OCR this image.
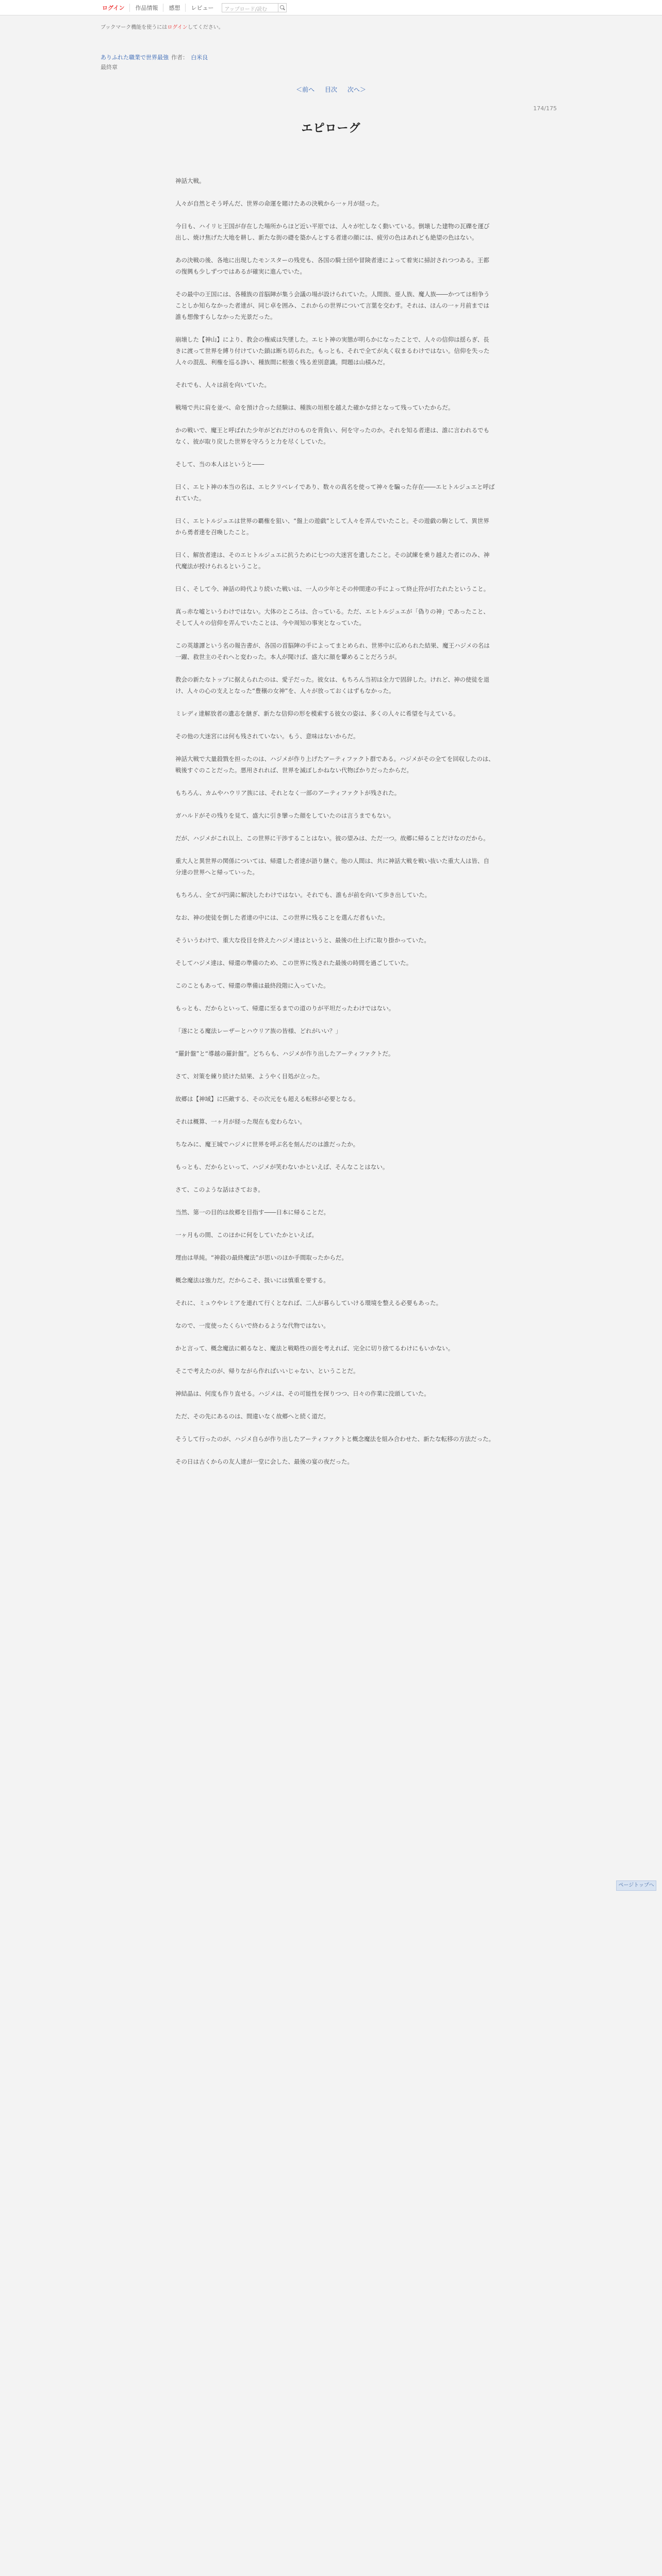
ログイン	作品情報	感想	レビュー	アップロード/読む
ブックマーク機能を使うにはログインしてください。
ありふれた職業で世界最強 作者： 白米良
最終章
＜前へ 目次 次へ＞
174/175
エピローグ

神話大戦。

人々が自然とそう呼んだ、世界の命運を賭けたあの決戦から一ヶ月が経った。

今日も、ハイリヒ王国が存在した場所からほど近い平原では、人々が忙しなく動いている。倒壊した建物の瓦礫を運び出し、焼け焦げた大地を耕し、新たな街の礎を築かんとする者達の顔には、疲労の色はあれども絶望の色はない。

あの決戦の後、各地に出現したモンスターの残党も、各国の騎士団や冒険者達によって着実に掃討されつつある。王都の復興も少しずつではあるが確実に進んでいた。

その最中の王国には、各種族の首脳陣が集う会議の場が設けられていた。人間族、亜人族、魔人族――かつては相争うことしか知らなかった者達が、同じ卓を囲み、これからの世界について言葉を交わす。それは、ほんの一ヶ月前までは誰も想像すらしなかった光景だった。

崩壊した【神山】により、教会の権威は失墜した。エヒト神の実態が明らかになったことで、人々の信仰は揺らぎ、長きに渡って世界を縛り付けていた鎖は断ち切られた。もっとも、それで全てが丸く収まるわけではない。信仰を失った人々の混乱、利権を巡る諍い、種族間に根強く残る差別意識。問題は山積みだ。

それでも、人々は前を向いていた。

戦場で共に肩を並べ、命を預け合った経験は、種族の垣根を越えた確かな絆となって残っていたからだ。

かの戦いで、魔王と呼ばれた少年がどれだけのものを背負い、何を守ったのか。それを知る者達は、誰に言われるでもなく、彼が取り戻した世界を守ろうと力を尽くしていた。

そして、当の本人はというと――

曰く、エヒト神の本当の名は、エヒクリベレイであり、数々の真名を使って神々を騙った存在――エヒトルジュエと呼ばれていた。

曰く、エヒトルジュエは世界の覇権を狙い、“盤上の遊戯”として人々を弄んでいたこと。その遊戯の駒として、異世界から勇者達を召喚したこと。

曰く、解放者達は、そのエヒトルジュエに抗うために七つの大迷宮を遺したこと。その試練を乗り越えた者にのみ、神代魔法が授けられるということ。

曰く、そして今、神話の時代より続いた戦いは、一人の少年とその仲間達の手によって終止符が打たれたということ。

真っ赤な嘘というわけではない。大体のところは、合っている。ただ、エヒトルジュエが「偽りの神」であったこと、そして人々の信仰を弄んでいたことは、今や周知の事実となっていた。

この英雄譚という名の報告書が、各国の首脳陣の手によってまとめられ、世界中に広められた結果、魔王ハジメの名は一躍、救世主のそれへと変わった。本人が聞けば、盛大に顔を顰めることだろうが。

教会の新たなトップに据えられたのは、愛子だった。彼女は、もちろん当初は全力で固辞した。けれど、神の使徒を退け、人々の心の支えとなった“豊穣の女神”を、人々が放っておくはずもなかった。

ミレディ達解放者の遺志を継ぎ、新たな信仰の形を模索する彼女の姿は、多くの人々に希望を与えている。

その他の大迷宮には何も残されていない。もう、意味はないからだ。

神話大戦で大量殺戮を担ったのは、ハジメが作り上げたアーティファクト群である。ハジメがその全てを回収したのは、戦後すぐのことだった。悪用されれば、世界を滅ぼしかねない代物ばかりだったからだ。

もちろん、カムやハウリア族には、それとなく一部のアーティファクトが残された。

ガハルドがその残りを見て、盛大に引き攣った顔をしていたのは言うまでもない。

だが、ハジメがこれ以上、この世界に干渉することはない。彼の望みは、ただ一つ。故郷に帰ることだけなのだから。

重大人と異世界の関係については、帰還した者達が語り継ぐ。他の人間は、共に神話大戦を戦い抜いた重大人は皆、自分達の世界へと帰っていった。

もちろん、全てが円満に解決したわけではない。それでも、誰もが前を向いて歩き出していた。

なお、神の使徒を倒した者達の中には、この世界に残ることを選んだ者もいた。

そういうわけで、重大な役目を終えたハジメ達はというと、最後の仕上げに取り掛かっていた。

そしてハジメ達は、帰還の準備のため、この世界に残された最後の時間を過ごしていた。

このこともあって、帰還の準備は最終段階に入っていた。

もっとも、だからといって、帰還に至るまでの道のりが平坦だったわけではない。

「遂にとる魔法レーザーとハウリア族の皆様、どれがいい？」

“羅針盤”と“導越の羅針盤”。どちらも、ハジメが作り出したアーティファクトだ。

さて、対策を練り続けた結果、ようやく目処が立った。

故郷は【神域】に匹敵する、その次元をも超える転移が必要となる。

それは概算、一ヶ月が経った現在も変わらない。

ちなみに、魔王城でハジメに世界を呼ぶ名を刻んだのは誰だったか。

もっとも、だからといって、ハジメが笑わないかといえば、そんなことはない。

さて、このような話はさておき。

当然、第一の目的は故郷を目指す――日本に帰ることだ。

一ヶ月もの間、このほかに何をしていたかといえば。

理由は単純。“神殺の最終魔法”が思いのほか手間取ったからだ。

概念魔法は強力だ。だからこそ、扱いには慎重を要する。

それに、ミュウやレミアを連れて行くとなれば、二人が暮らしていける環境を整える必要もあった。

なので、一度使ったくらいで終わるような代物ではない。

かと言って、概念魔法に頼るなと、魔法と戦略性の面を考えれば、完全に切り捨てるわけにもいかない。

そこで考えたのが、帰りながら作ればいいじゃない、ということだ。

神結晶は、何度も作り直せる。ハジメは、その可能性を探りつつ、日々の作業に没頭していた。

ただ、その先にあるのは、間違いなく故郷へと続く道だ。

そうして行ったのが、ハジメ自らが作り出したアーティファクトと概念魔法を組み合わせた、新たな転移の方法だった。

その日は古くからの友人達が一堂に会した、最後の宴の夜だった。

ページトップへ
